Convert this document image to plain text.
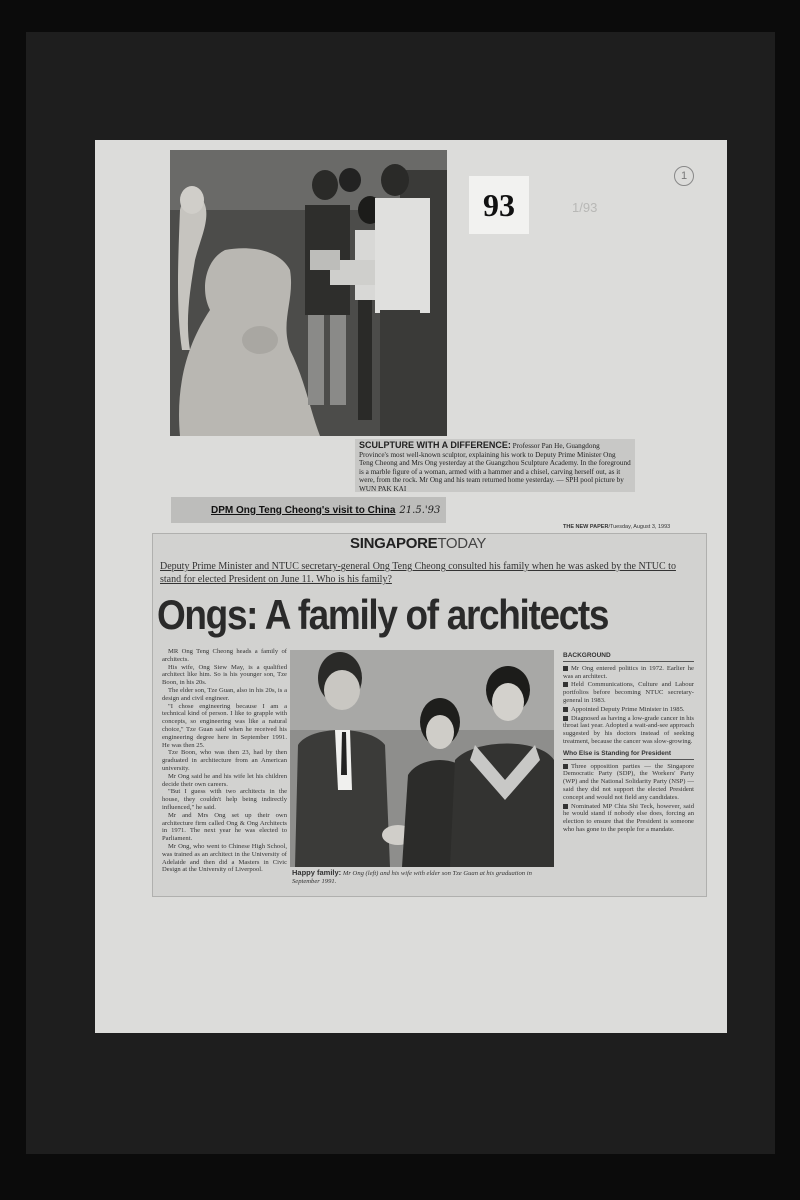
93
1
1/93
SCULPTURE WITH A DIFFERENCE: Professor Pan He, Guangdong Province's most well-known sculptor, explaining his work to Deputy Prime Minister Ong Teng Cheong and Mrs Ong yesterday at the Guangzhou Sculpture Academy. In the foreground is a marble figure of a woman, armed with a hammer and a chisel, carving herself out, as it were, from the rock. Mr Ong and his team returned home yesterday. — SPH pool picture by WUN PAK KAI
DPM Ong Teng Cheong's visit to China 21.5.'93
THE NEW PAPER/Tuesday, August 3, 1993
SINGAPORETODAY
Deputy Prime Minister and NTUC secretary-general Ong Teng Cheong consulted his family when he was asked by the NTUC to stand for elected President on June 11. Who is his family?
Ongs: A family of architects

MR Ong Teng Cheong heads a family of architects.

His wife, Ong Siew May, is a qualified architect like him. So is his younger son, Tze Boon, in his 20s.

The elder son, Tze Guan, also in his 20s, is a design and civil engineer.

"I chose engineering because I am a technical kind of person. I like to grapple with concepts, so engineering was like a natural choice," Tze Guan said when he received his engineering degree here in September 1991. He was then 25.

Tze Boon, who was then 23, had by then graduated in architecture from an American university.

Mr Ong said he and his wife let his children decide their own careers.

"But I guess with two architects in the house, they couldn't help being indirectly influenced," he said.

Mr and Mrs Ong set up their own architecture firm called Ong & Ong Architects in 1971. The next year he was elected to Parliament.

Mr Ong, who went to Chinese High School, was trained as an architect in the University of Adelaide and then did a Masters in Civic Design at the University of Liverpool.	Happy family: Mr Ong (left) and his wife with elder son Tze Guan at his graduation in September 1991.
BACKGROUND

Mr Ong entered politics in 1972. Earlier he was an architect.

Held Communications, Culture and Labour portfolios before becoming NTUC secretary-general in 1983.

Appointed Deputy Prime Minister in 1985.

Diagnosed as having a low-grade cancer in his throat last year. Adopted a wait-and-see approach suggested by his doctors instead of seeking treatment, because the cancer was slow-growing.

Who Else is Standing for President

Three opposition parties — the Singapore Democratic Party (SDP), the Workers' Party (WP) and the National Solidarity Party (NSP) — said they did not support the elected President concept and would not field any candidates.

Nominated MP Chia Shi Teck, however, said he would stand if nobody else does, forcing an election to ensure that the President is someone who has gone to the people for a mandate.
